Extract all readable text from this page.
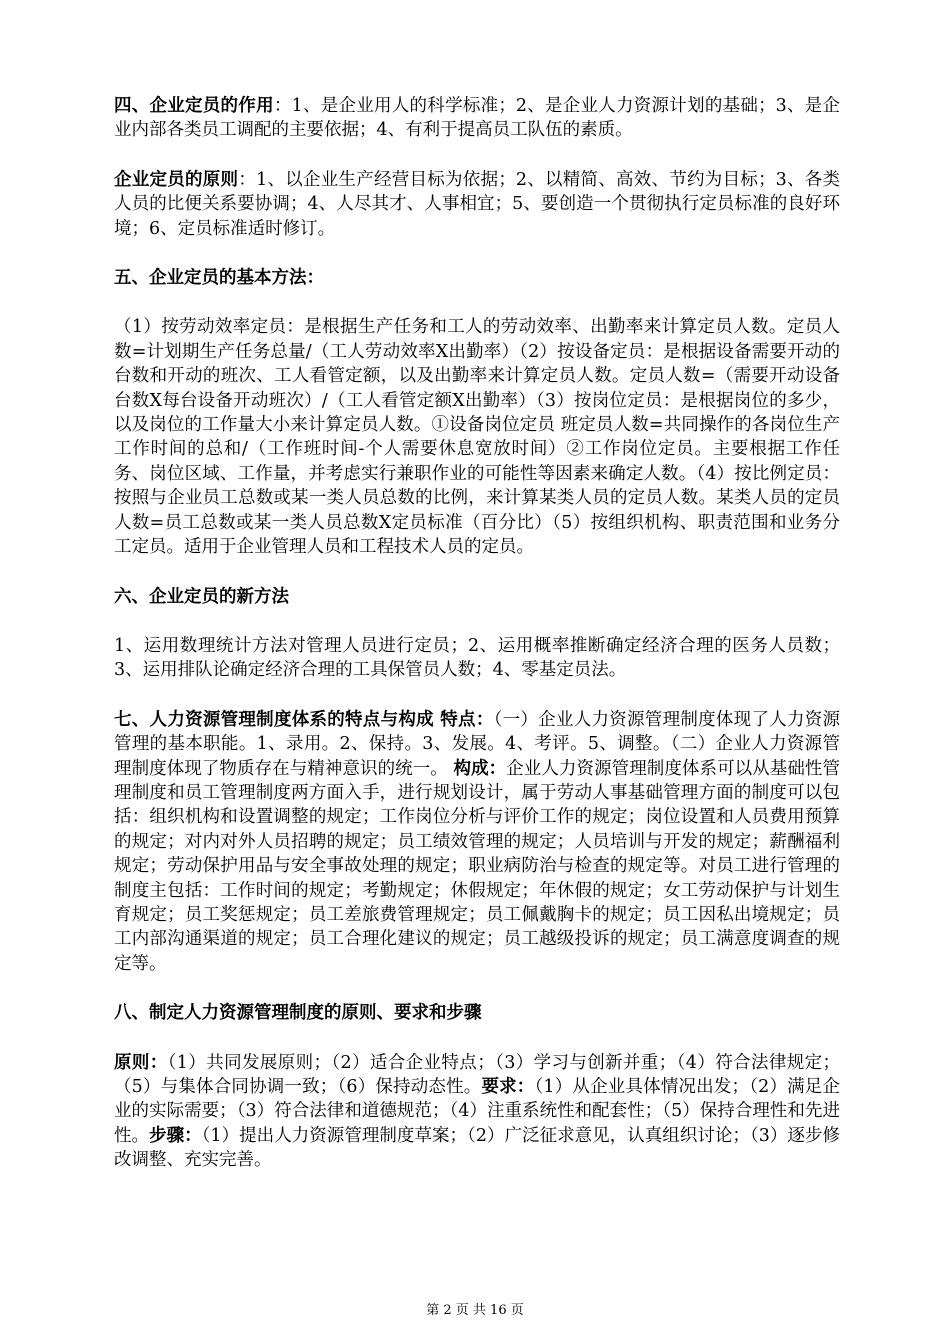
四、企业定员的作用：1、是企业用人的科学标准；2、是企业人力资源计划的基础；3、是企业内部各类员工调配的主要依据；4、有利于提高员工队伍的素质。

企业定员的原则：1、以企业生产经营目标为依据；2、以精简、高效、节约为目标；3、各类人员的比便关系要协调；4、人尽其才、人事相宜；5、要创造一个贯彻执行定员标准的良好环境；6、定员标准适时修订。

五、企业定员的基本方法：

（1）按劳动效率定员：是根据生产任务和工人的劳动效率、出勤率来计算定员人数。定员人数=计划期生产任务总量/（工人劳动效率X出勤率）（2）按设备定员：是根据设备需要开动的台数和开动的班次、工人看管定额，以及出勤率来计算定员人数。定员人数=（需要开动设备台数X每台设备开动班次）/（工人看管定额X出勤率）（3）按岗位定员：是根据岗位的多少，以及岗位的工作量大小来计算定员人数。①设备岗位定员 班定员人数=共同操作的各岗位生产工作时间的总和/（工作班时间-个人需要休息宽放时间）②工作岗位定员。主要根据工作任务、岗位区域、工作量，并考虑实行兼职作业的可能性等因素来确定人数。（4）按比例定员：按照与企业员工总数或某一类人员总数的比例，来计算某类人员的定员人数。某类人员的定员人数=员工总数或某一类人员总数X定员标准（百分比）（5）按组织机构、职责范围和业务分工定员。适用于企业管理人员和工程技术人员的定员。

六、企业定员的新方法

1、运用数理统计方法对管理人员进行定员；2、运用概率推断确定经济合理的医务人员数；3、运用排队论确定经济合理的工具保管员人数；4、零基定员法。

七、人力资源管理制度体系的特点与构成 特点：（一）企业人力资源管理制度体现了人力资源管理的基本职能。1、录用。2、保持。3、发展。4、考评。5、调整。（二）企业人力资源管理制度体现了物质存在与精神意识的统一。 构成：企业人力资源管理制度体系可以从基础性管理制度和员工管理制度两方面入手，进行规划设计，属于劳动人事基础管理方面的制度可以包括：组织机构和设置调整的规定；工作岗位分析与评价工作的规定；岗位设置和人员费用预算的规定；对内对外人员招聘的规定；员工绩效管理的规定；人员培训与开发的规定；薪酬福利规定；劳动保护用品与安全事故处理的规定；职业病防治与检查的规定等。对员工进行管理的制度主包括：工作时间的规定；考勤规定；休假规定；年休假的规定；女工劳动保护与计划生育规定；员工奖惩规定；员工差旅费管理规定；员工佩戴胸卡的规定；员工因私出境规定；员工内部沟通渠道的规定；员工合理化建议的规定；员工越级投诉的规定；员工满意度调查的规定等。

八、制定人力资源管理制度的原则、要求和步骤

原则：（1）共同发展原则；（2）适合企业特点；（3）学习与创新并重；（4）符合法律规定；（5）与集体合同协调一致；（6）保持动态性。要求：（1）从企业具体情况出发；（2）满足企业的实际需要；（3）符合法律和道德规范；（4）注重系统性和配套性；（5）保持合理性和先进性。步骤：（1）提出人力资源管理制度草案；（2）广泛征求意见，认真组织讨论；（3）逐步修改调整、充实完善。

第 2 页 共 16 页
